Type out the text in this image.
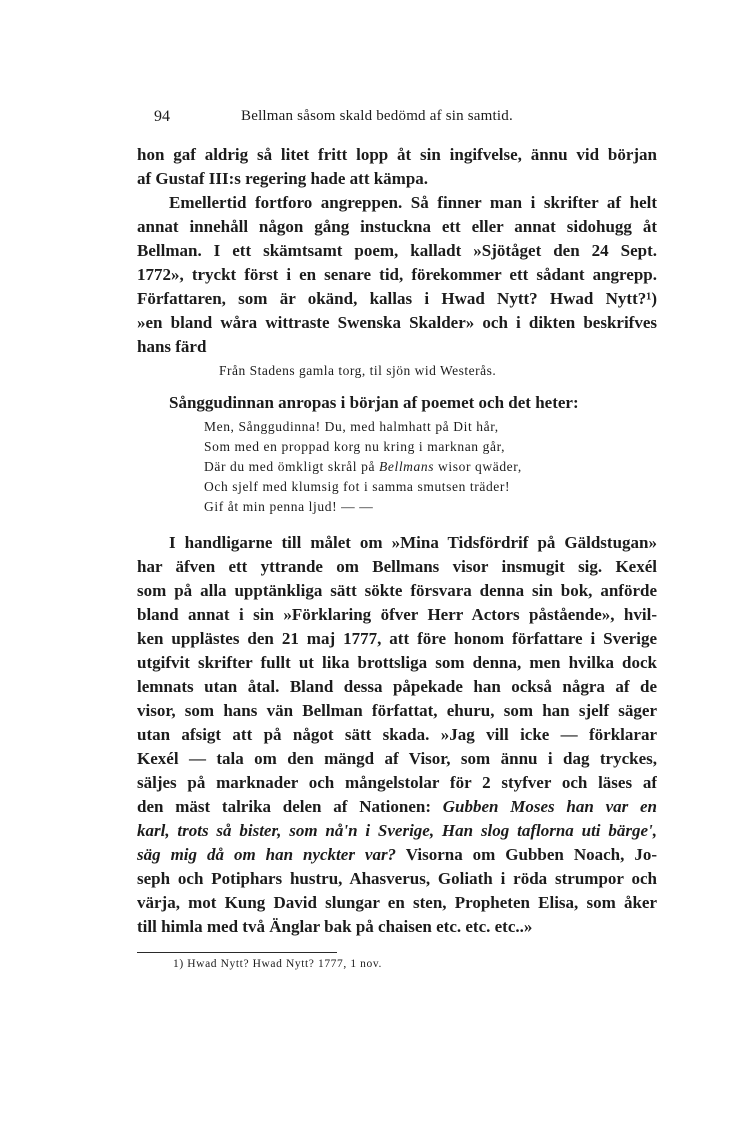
94	Bellman såsom skald bedömd af sin samtid.
hon gaf aldrig så litet fritt lopp åt sin ingifvelse, ännu vid början
af Gustaf III:s regering hade att kämpa.
Emellertid fortforo angreppen. Så finner man i skrifter af helt
annat innehåll någon gång instuckna ett eller annat sidohugg åt
Bellman. I ett skämtsamt poem, kalladt »Sjötåget den 24 Sept.
1772», tryckt först i en senare tid, förekommer ett sådant angrepp.
Författaren, som är okänd, kallas i Hwad Nytt? Hwad Nytt?¹)
»en bland wåra wittraste Swenska Skalder» och i dikten beskrifves
hans färd
Från Stadens gamla torg, til sjön wid Westerås.
Sånggudinnan anropas i början af poemet och det heter:
Men, Sånggudinna! Du, med halmhatt på Dit hår,
Som med en proppad korg nu kring i marknan går,
Där du med ömkligt skrål på Bellmans wisor qwäder,
Och sjelf med klumsig fot i samma smutsen träder!
Gif åt min penna ljud! — —
I handligarne till målet om »Mina Tidsfördrif på Gäldstugan»
har äfven ett yttrande om Bellmans visor insmugit sig. Kexél
som på alla upptänkliga sätt sökte försvara denna sin bok, anförde
bland annat i sin »Förklaring öfver Herr Actors påstående», hvil-
ken upplästes den 21 maj 1777, att före honom författare i Sverige
utgifvit skrifter fullt ut lika brottsliga som denna, men hvilka dock
lemnats utan åtal. Bland dessa påpekade han också några af de
visor, som hans vän Bellman författat, ehuru, som han sjelf säger
utan afsigt att på något sätt skada. »Jag vill icke — förklarar
Kexél — tala om den mängd af Visor, som ännu i dag tryckes,
säljes på marknader och mångelstolar för 2 styfver och läses af
den mäst talrika delen af Nationen: Gubben Moses han var en
karl, trots så bister, som nå'n i Sverige, Han slog taflorna uti bärge',
säg mig då om han nyckter var? Visorna om Gubben Noach, Jo-
seph och Potiphars hustru, Ahasverus, Goliath i röda strumpor och
värja, mot Kung David slungar en sten, Propheten Elisa, som åker
till himla med två Änglar bak på chaisen etc. etc. etc..»
1) Hwad Nytt? Hwad Nytt? 1777, 1 nov.
